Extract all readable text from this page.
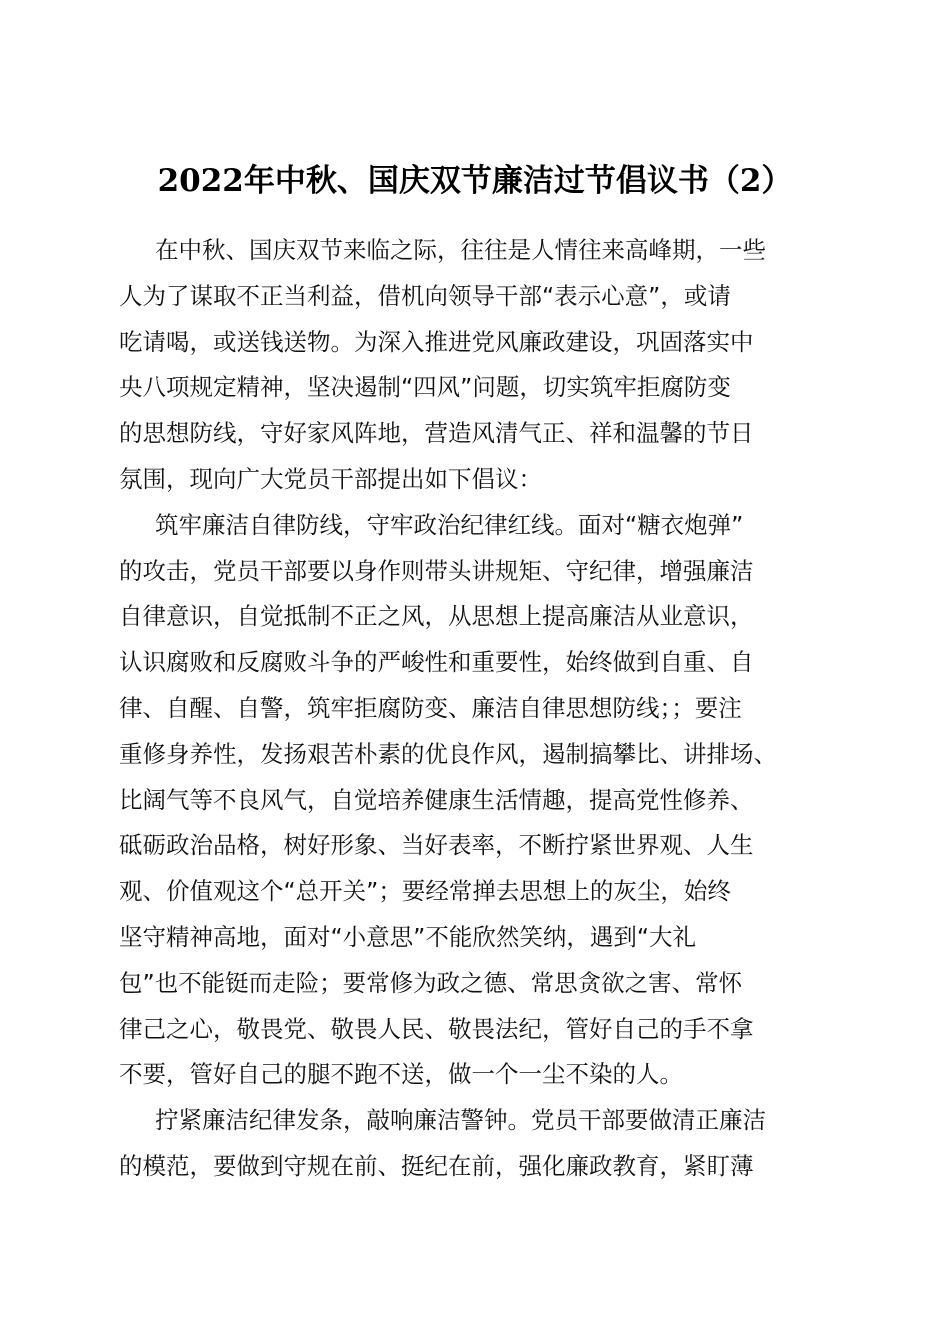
2022年中秋、国庆双节廉洁过节倡议书（2）
在中秋、国庆双节来临之际，往往是人情往来高峰期，一些
人为了谋取不正当利益，借机向领导干部“表示心意”，或请
吃请喝，或送钱送物。为深入推进党风廉政建设，巩固落实中
央八项规定精神，坚决遏制“四风”问题，切实筑牢拒腐防变
的思想防线，守好家风阵地，营造风清气正、祥和温馨的节日
氛围，现向广大党员干部提出如下倡议：
筑牢廉洁自律防线，守牢政治纪律红线。面对“糖衣炮弹”
的攻击，党员干部要以身作则带头讲规矩、守纪律，增强廉洁
自律意识，自觉抵制不正之风，从思想上提高廉洁从业意识，
认识腐败和反腐败斗争的严峻性和重要性，始终做到自重、自
律、自醒、自警，筑牢拒腐防变、廉洁自律思想防线；；要注
重修身养性，发扬艰苦朴素的优良作风，遏制搞攀比、讲排场、
比阔气等不良风气，自觉培养健康生活情趣，提高党性修养、
砥砺政治品格，树好形象、当好表率，不断拧紧世界观、人生
观、价值观这个“总开关”；要经常掸去思想上的灰尘，始终
坚守精神高地，面对“小意思”不能欣然笑纳，遇到“大礼
包”也不能铤而走险；要常修为政之德、常思贪欲之害、常怀
律己之心，敬畏党、敬畏人民、敬畏法纪，管好自己的手不拿
不要，管好自己的腿不跑不送，做一个一尘不染的人。
拧紧廉洁纪律发条，敲响廉洁警钟。党员干部要做清正廉洁
的模范，要做到守规在前、挺纪在前，强化廉政教育，紧盯薄
